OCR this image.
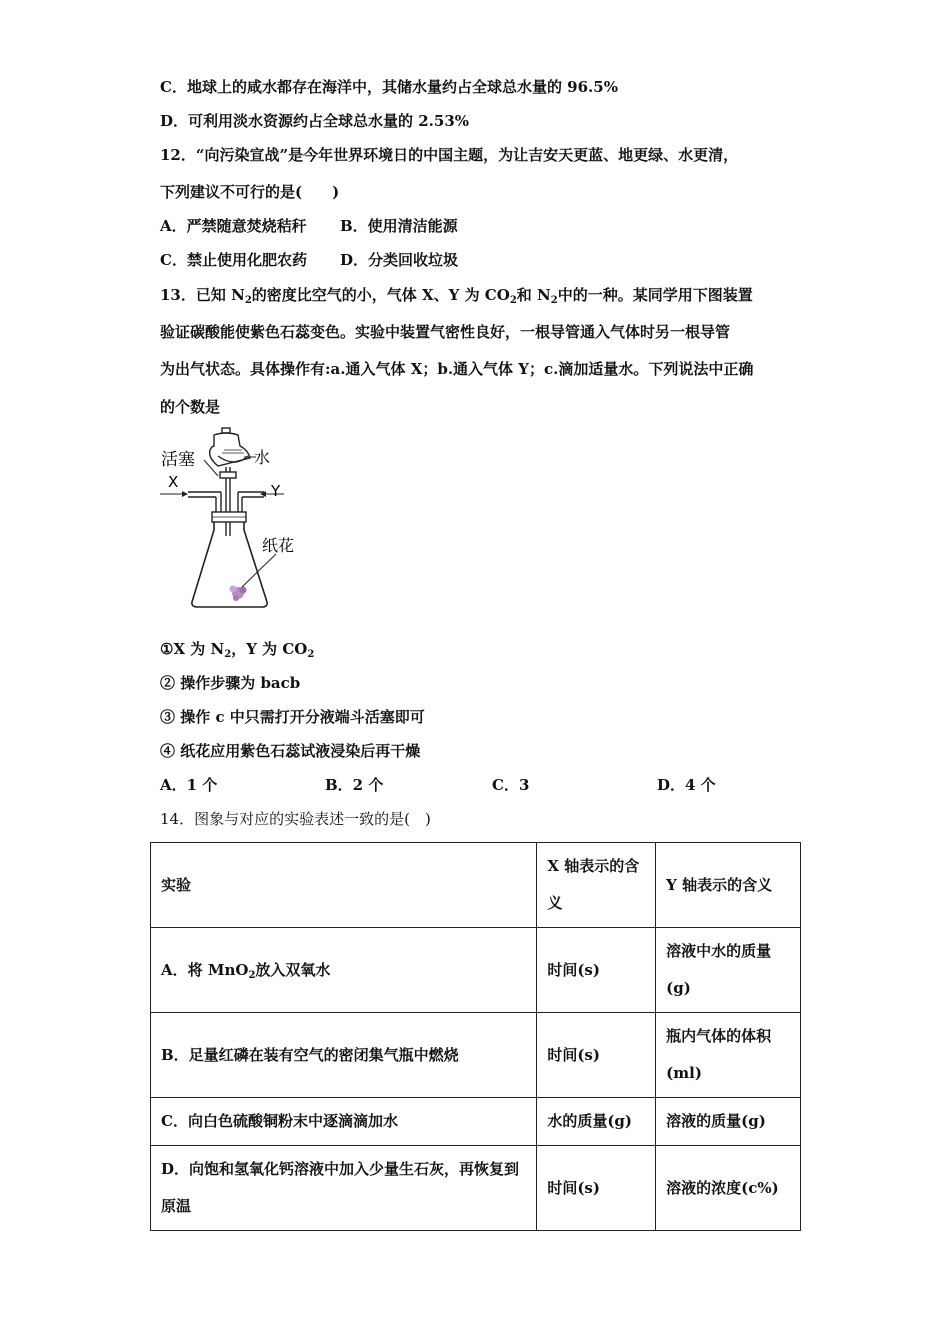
C．地球上的咸水都存在海洋中，其储水量约占全球总水量的 96.5%
D．可利用淡水资源约占全球总水量的 2.53%
12．“向污染宣战”是今年世界环境日的中国主题，为让吉安天更蓝、地更绿、水更清，
下列建议不可行的是(　　)
A．严禁随意焚烧秸秆 B．使用清洁能源
C．禁止使用化肥农药 D．分类回收垃圾
13．已知 $N_2$的密度比空气的小，气体 X、Y 为 $CO_2$和 $N_2$中的一种。某同学用下图装置
验证碳酸能使紫色石蕊变色。实验中装置气密性良好，一根导管通入气体时另一根导管
为出气状态。具体操作有:a.通入气体 X；b.通入气体 Y；c.滴加适量水。下列说法中正确
的个数是
活塞	水
X	Y
纸花
①X 为 $N_2$，Y 为 $CO_2$
② 操作步骤为 bacb
③ 操作 c 中只需打开分液端斗活塞即可
④ 纸花应用紫色石蕊试液浸染后再干燥
A．1 个	B．2 个	C．3	D．4 个
14．图象与对应的实验表述一致的是(　)
实验	X 轴表示的含义	Y 轴表示的含义
A．将 MnO$_2$放入双氧水	时间(s)	溶液中水的质量(g)
B．足量红磷在装有空气的密闭集气瓶中燃烧	时间(s)	瓶内气体的体积(ml)
C．向白色硫酸铜粉末中逐滴滴加水	水的质量(g)	溶液的质量(g)
D．向饱和氢氧化钙溶液中加入少量生石灰，再恢复到原温	时间(s)	溶液的浓度(c%)
